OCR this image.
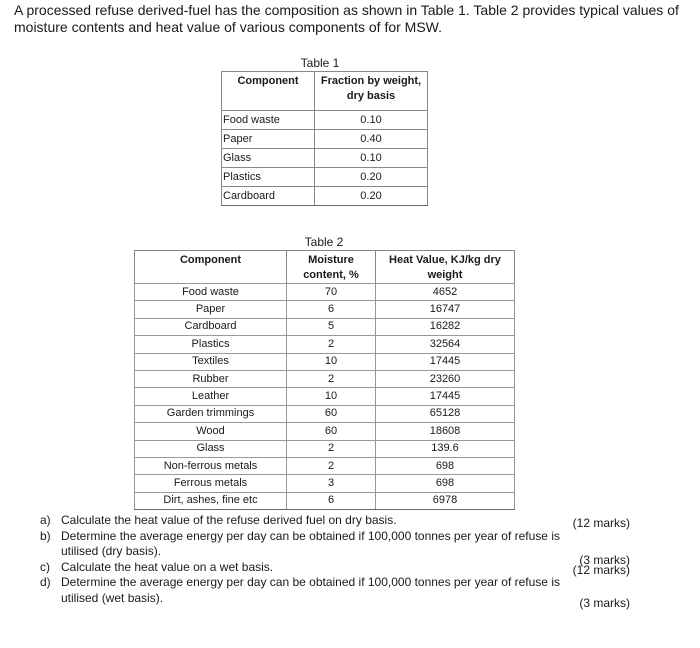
A processed refuse derived-fuel has the composition as shown in Table 1. Table 2 provides typical values of moisture contents and heat value of various components of for MSW.
Table 1
Component	Fraction by weight, dry basis

Food waste	0.10
Paper	0.40
Glass	0.10
Plastics	0.20
Cardboard	0.20
Table 2
Component	Moisture content, %	Heat Value, KJ/kg dry weight
Food waste	70	4652
Paper	6	16747
Cardboard	5	16282
Plastics	2	32564
Textiles	10	17445
Rubber	2	23260
Leather	10	17445
Garden trimmings	60	65128
Wood	60	18608
Glass	2	139.6
Non-ferrous metals	2	698
Ferrous metals	3	698
Dirt, ashes, fine etc	6	6978
a) Calculate the heat value of the refuse derived fuel on dry basis.	(12 marks)
b) Determine the average energy per day can be obtained if 100,000 tonnes per year of refuse is utilised (dry basis).
(3 marks)
c) Calculate the heat value on a wet basis.	(12 marks)
d) Determine the average energy per day can be obtained if 100,000 tonnes per year of refuse is utilised (wet basis).	(3 marks)
